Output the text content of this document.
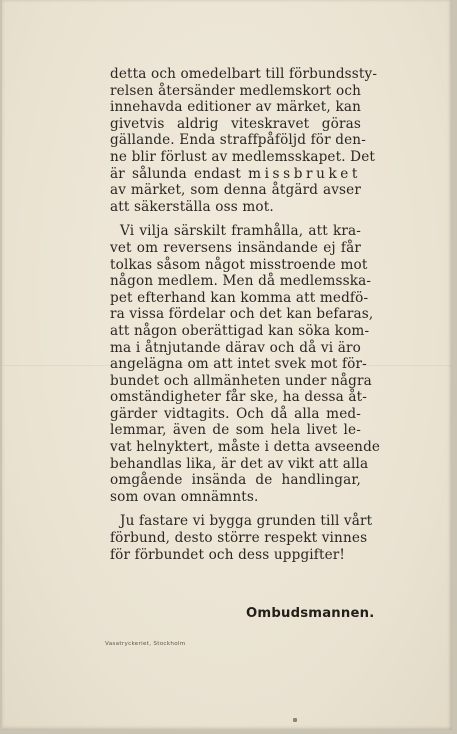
detta och omedelbart till förbundssty-

relsen återsänder medlemskort och

innehavda editioner av märket, kan

givetvis aldrig viteskravet göras

gällande. Enda straffpåföljd för den-

ne blir förlust av medlemsskapet. Det

är sålunda endast missbruket

av märket, som denna åtgärd avser

att säkerställa oss mot.

Vi vilja särskilt framhålla, att kra-

vet om reversens insändande ej får

tolkas såsom något misstroende mot

någon medlem. Men då medlemsska-

pet efterhand kan komma att medfö-

ra vissa fördelar och det kan befaras,

att någon oberättigad kan söka kom-

ma i åtnjutande därav och då vi äro

angelägna om att intet svek mot för-

bundet och allmänheten under några

omständigheter får ske, ha dessa åt-

gärder vidtagits. Och då alla med-

lemmar, även de som hela livet le-

vat helnyktert, måste i detta avseende

behandlas lika, är det av vikt att alla

omgående insända de handlingar,

som ovan omnämnts.

Ju fastare vi bygga grunden till vårt

förbund, desto större respekt vinnes

för förbundet och dess uppgifter!

Ombudsmannen.
Vasatryckeriet, Stockholm
